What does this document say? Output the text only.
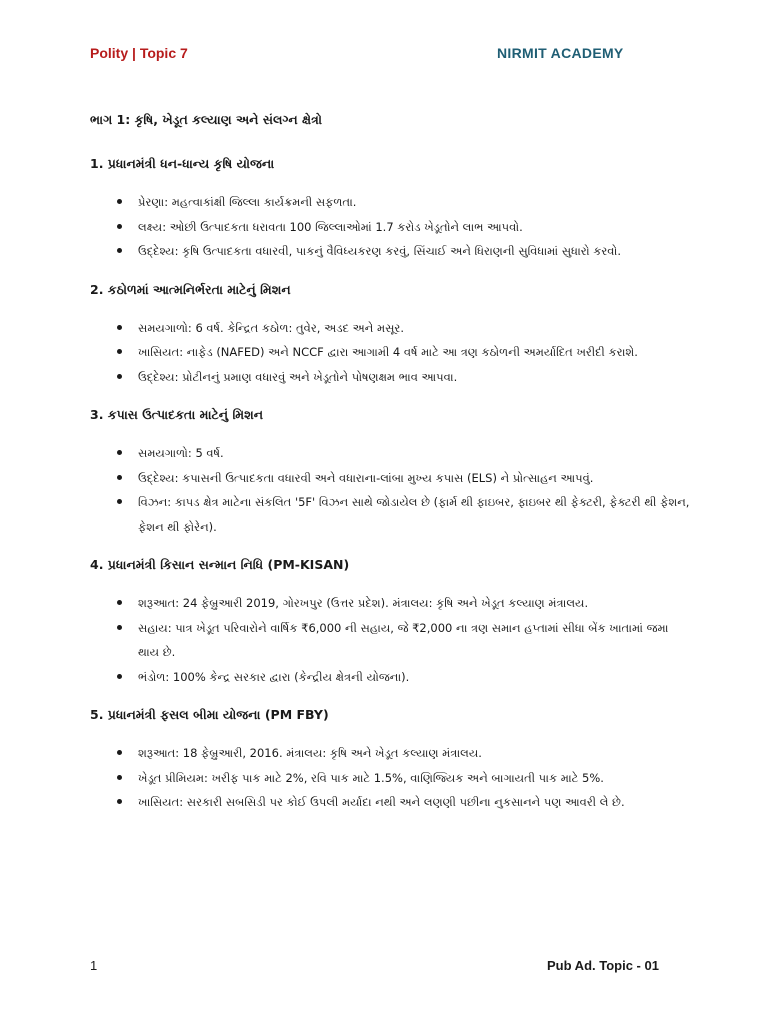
Polity | Topic 7	NIRMIT ACADEMY
ભાગ 1: કૃષિ, ખેડૂત કલ્યાણ અને સંલગ્ન ક્ષેત્રો
1. પ્રધાનમંત્રી ધન-ધાન્ય કૃષિ યોજના
પ્રેરણા: મહત્વાકાંક્ષી જિલ્લા કાર્યક્રમની સફળતા.
લક્ષ્ય: ઓછી ઉત્પાદકતા ધરાવતા 100 જિલ્લાઓમાં 1.7 કરોડ ખેડૂતોને લાભ આપવો.
ઉદ્દેશ્ય: કૃષિ ઉત્પાદકતા વધારવી, પાકનું વૈવિધ્યકરણ કરવું, સિંચાઈ અને ધિરાણની સુવિધામાં સુધારો કરવો.
2. કઠોળમાં આત્મનિર્ભરતા માટેનું મિશન
સમયગાળો: 6 વર્ષ. કેન્દ્રિત કઠોળ: તુવેર, અડદ અને મસૂર.
ખાસિયત: નાફેડ (NAFED) અને NCCF દ્વારા આગામી 4 વર્ષ માટે આ ત્રણ કઠોળની અમર્યાદિત ખરીદી કરાશે.
ઉદ્દેશ્ય: પ્રોટીનનું પ્રમાણ વધારવું અને ખેડૂતોને પોષણક્ષમ ભાવ આપવા.
3. કપાસ ઉત્પાદકતા માટેનું મિશન
સમયગાળો: 5 વર્ષ.
ઉદ્દેશ્ય: કપાસની ઉત્પાદકતા વધારવી અને વધારાના-લાંબા મુખ્ય કપાસ (ELS) ને પ્રોત્સાહન આપવું.
વિઝન: કાપડ ક્ષેત્ર માટેના સંકલિત '5F' વિઝન સાથે જોડાયેલ છે (ફાર્મ થી ફાઇબર, ફાઇબર થી ફેક્ટરી, ફેક્ટરી થી ફેશન, ફેશન થી ફોરેન).
4. પ્રધાનમંત્રી કિસાન સન્માન નિધિ (PM-KISAN)
શરૂઆત: 24 ફેબ્રુઆરી 2019, ગોરખપુર (ઉત્તર પ્રદેશ). મંત્રાલય: કૃષિ અને ખેડૂત કલ્યાણ મંત્રાલય.
સહાય: પાત્ર ખેડૂત પરિવારોને વાર્ષિક ₹6,000 ની સહાય, જે ₹2,000 ના ત્રણ સમાન હપ્તામાં સીધા બેંક ખાતામાં જમા થાય છે.
ભંડોળ: 100% કેન્દ્ર સરકાર દ્વારા (કેન્દ્રીય ક્ષેત્રની યોજના).
5. પ્રધાનમંત્રી ફસલ બીમા યોજના (PM FBY)
શરૂઆત: 18 ફેબ્રુઆરી, 2016. મંત્રાલય: કૃષિ અને ખેડૂત કલ્યાણ મંત્રાલય.
ખેડૂત પ્રીમિયમ: ખરીફ પાક માટે 2%, રવિ પાક માટે 1.5%, વાણિજ્યિક અને બાગાયતી પાક માટે 5%.
ખાસિયત: સરકારી સબસિડી પર કોઈ ઉપલી મર્યાદા નથી અને લણણી પછીના નુકસાનને પણ આવરી લે છે.
1	Pub Ad. Topic - 01
